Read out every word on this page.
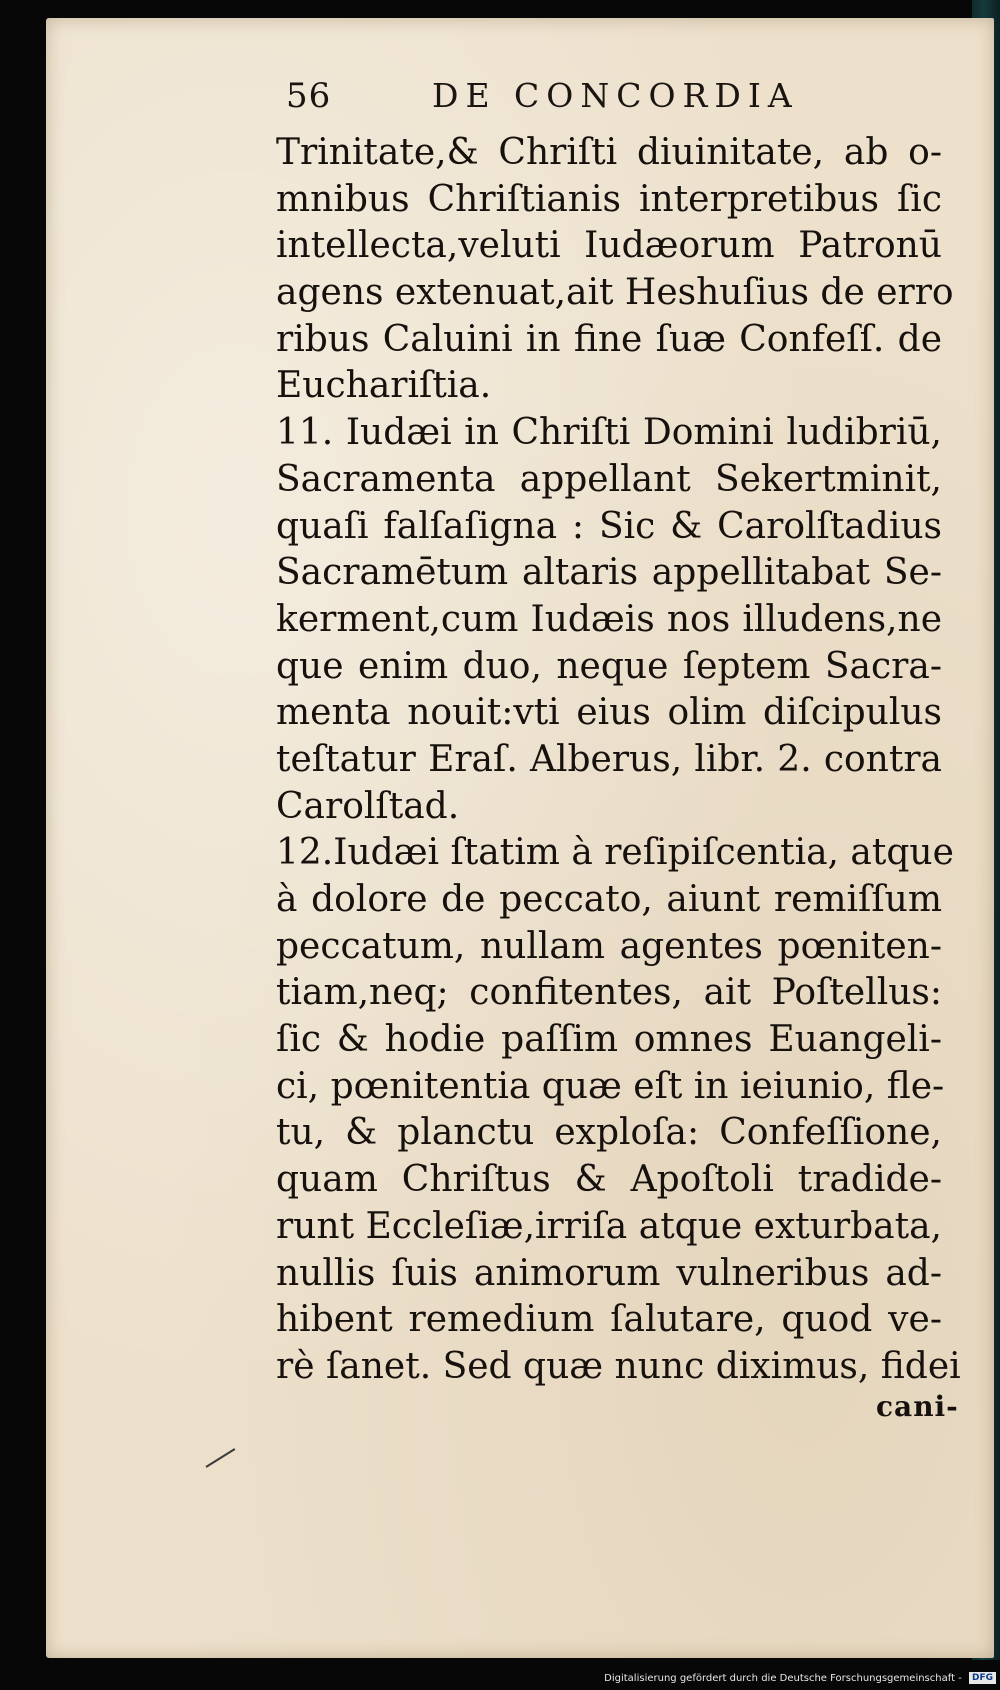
56	DE CONCORDIA
Trinitate,& Chriſti diuinitate, ab o-
mnibus Chriſtianis interpretibus ſic
intellecta,veluti Iudæorum Patronū
agens extenuat,ait Heshuſius de erro
ribus Caluini in fine ſuæ Confeſſ. de
Euchariſtia.
11. Iudæi in Chriſti Domini ludibriū,
Sacramenta appellant Sekertminit,
quaſi falſaſigna : Sic & Carolſtadius
Sacramētum altaris appellitabat Se-
kerment,cum Iudæis nos illudens,ne
que enim duo, neque ſeptem Sacra-
menta nouit:vti eius olim diſcipulus
teſtatur Eraſ. Alberus, libr. 2. contra
Carolſtad.
12.Iudæi ſtatim à reſipiſcentia, atque
à dolore de peccato, aiunt remiſſum
peccatum, nullam agentes pœniten-
tiam,neq; confitentes, ait Poſtellus:
ſic & hodie paſſim omnes Euangeli-
ci, pœnitentia quæ eſt in ieiunio, fle-
tu, & planctu exploſa: Confeſſione,
quam Chriſtus & Apoſtoli tradide-
runt Eccleſiæ,irriſa atque exturbata,
nullis ſuis animorum vulneribus ad-
hibent remedium ſalutare, quod ve-
rè ſanet. Sed quæ nunc diximus, fidei
cani-
Digitalisierung gefördert durch die Deutsche Forschungsgemeinschaft - DFG
